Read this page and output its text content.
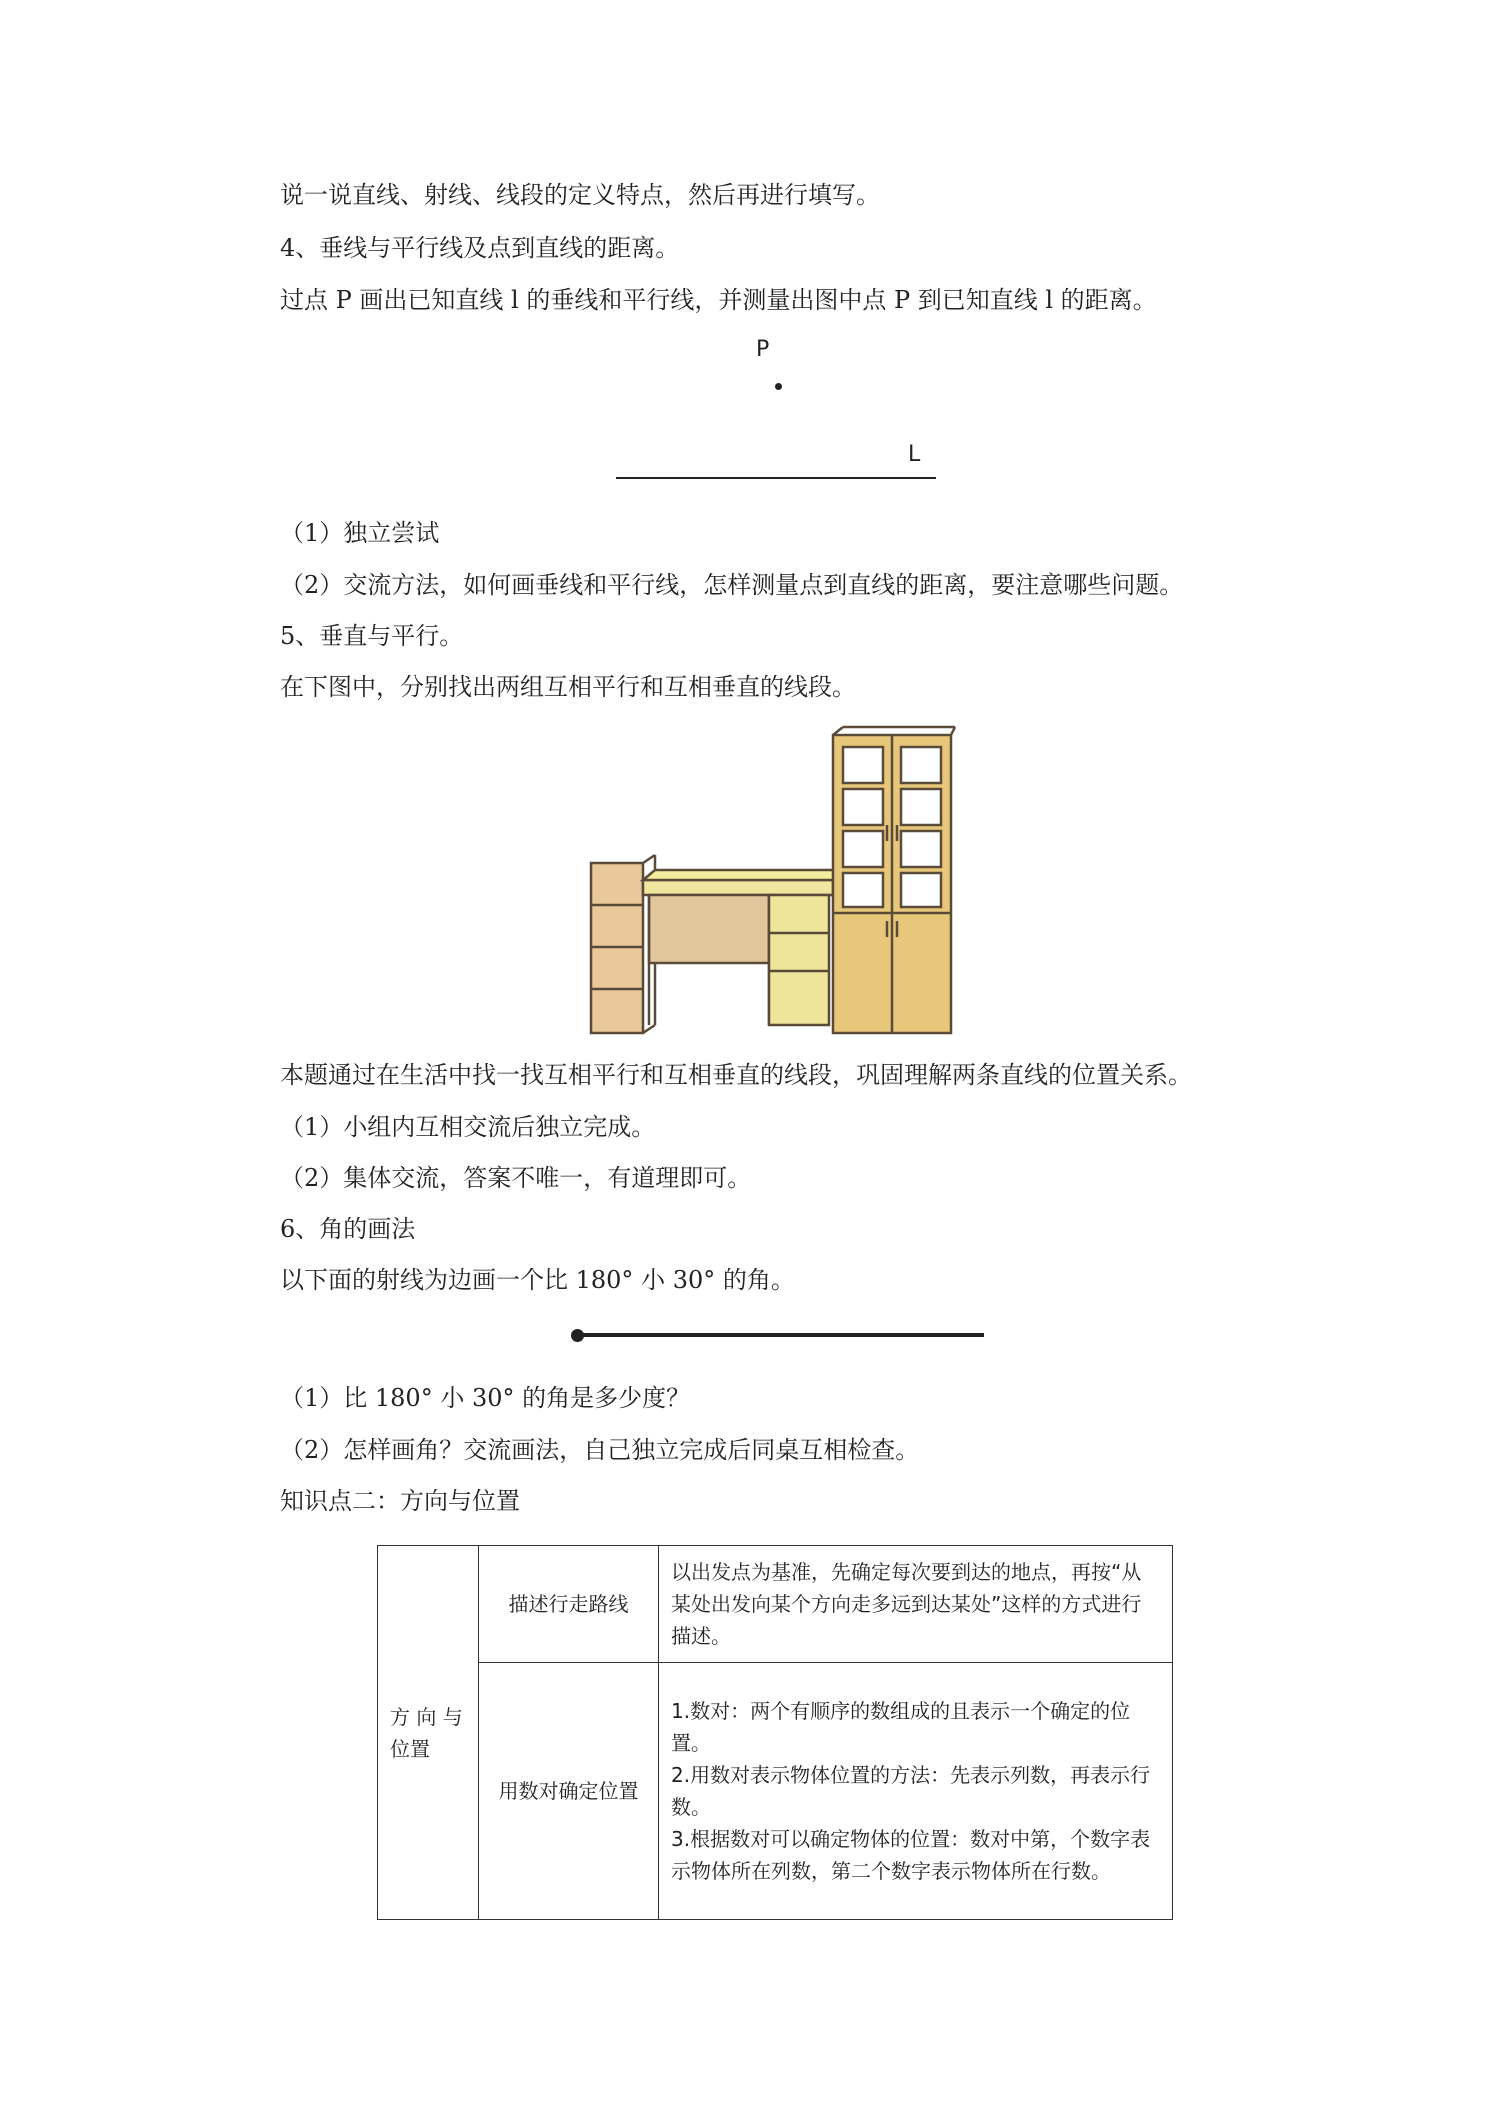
说一说直线、射线、线段的定义特点，然后再进行填写。
4、垂线与平行线及点到直线的距离。
过点 P 画出已知直线 l 的垂线和平行线，并测量出图中点 P 到已知直线 l 的距离。
P
L
（1）独立尝试
（2）交流方法，如何画垂线和平行线，怎样测量点到直线的距离，要注意哪些问题。
5、垂直与平行。
在下图中，分别找出两组互相平行和互相垂直的线段。
本题通过在生活中找一找互相平行和互相垂直的线段，巩固理解两条直线的位置关系。
（1）小组内互相交流后独立完成。
（2）集体交流，答案不唯一，有道理即可。
6、角的画法
以下面的射线为边画一个比 180° 小 30° 的角。
（1）比 180° 小 30° 的角是多少度？
（2）怎样画角？交流画法，自己独立完成后同桌互相检查。
知识点二：方向与位置
方 向 与 位置	描述行走路线	以出发点为基准，先确定每次要到达的地点，再按“从某处出发向某个方向走多远到达某处”这样的方式进行描述。

	用数对确定位置	1.数对：两个有顺序的数组成的且表示一个确定的位置。
2.用数对表示物体位置的方法：先表示列数，再表示行数。
3.根据数对可以确定物体的位置：数对中第，个数字表示物体所在列数，第二个数字表示物体所在行数。
